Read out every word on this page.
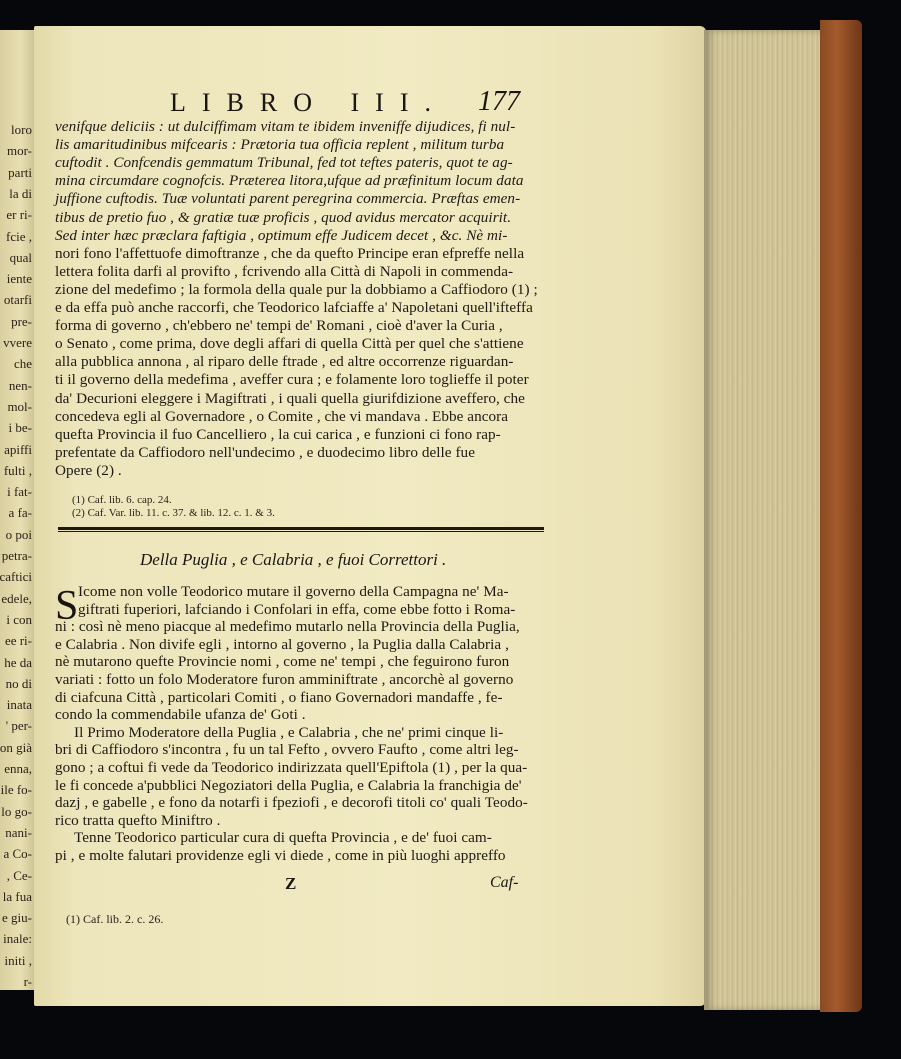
loro
mor-
parti
la di
er ri-
fcie ,
qual
iente
otarfi
pre-
vvere
che
nen-
mol-
i be-
apiffi
fulti ,
i fat-
a fa-
o poi
petra-
caftici
edele,
i con
ee ri-
he da
no di
inata
' per-
on già
enna,
ile fo-
lo go-
nani-
a Co-
, Ce-
la fua
e giu-
inale:
initi ,
r-
LIBRO III. 177
venifque deliciis : ut dulciffimam vitam te ibidem inveniffe dijudices, fi nul-
lis amaritudinibus mifcearis : Prætoria tua officia replent , militum turba
cuftodit . Confcendis gemmatum Tribunal, fed tot teftes pateris, quot te ag-
mina circumdare cognofcis. Præterea litora,ufque ad præfinitum locum data
juffione cuftodis. Tuæ voluntati parent peregrina commercia. Præftas emen-
tibus de pretio fuo , & gratiæ tuæ proficis , quod avidus mercator acquirit.
Sed inter hæc præclara faftigia , optimum effe Judicem decet , &c. Nè mi-
nori fono l'affettuofe dimoftranze , che da quefto Principe eran efpreffe nella
lettera folita darfi al provifto , fcrivendo alla Città di Napoli in commenda-
zione del medefimo ; la formola della quale pur la dobbiamo a Caffiodoro (1) ;
e da effa può anche raccorfi, che Teodorico lafciaffe a' Napoletani quell'ifteffa
forma di governo , ch'ebbero ne' tempi de' Romani , cioè d'aver la Curia ,
o Senato , come prima, dove degli affari di quella Città per quel che s'attiene
alla pubblica annona , al riparo delle ftrade , ed altre occorrenze riguardan-
ti il governo della medefima , aveffer cura ; e folamente loro toglieffe il poter
da' Decurioni eleggere i Magiftrati , i quali quella giurifdizione aveffero, che
concedeva egli al Governadore , o Comite , che vi mandava . Ebbe ancora
quefta Provincia il fuo Cancelliero , la cui carica , e funzioni ci fono rap-
prefentate da Caffiodoro nell'undecimo , e duodecimo libro delle fue
Opere (2) .
(1) Caf. lib. 6. cap. 24.
(2) Caf. Var. lib. 11. c. 37. & lib. 12. c. 1. & 3.
Della Puglia , e Calabria , e fuoi Correttori .
S Icome non volle Teodorico mutare il governo della Campagna ne' Ma-
giftrati fuperiori, lafciando i Confolari in effa, come ebbe fotto i Roma-
ni : così nè meno piacque al medefimo mutarlo nella Provincia della Puglia,
e Calabria . Non divife egli , intorno al governo , la Puglia dalla Calabria ,
nè mutarono quefte Provincie nomi , come ne' tempi , che feguirono furon
variati : fotto un folo Moderatore furon amminiftrate , ancorchè al governo
di ciafcuna Città , particolari Comiti , o fiano Governadori mandaffe , fe-
condo la commendabile ufanza de' Goti .
Il Primo Moderatore della Puglia , e Calabria , che ne' primi cinque li-
bri di Caffiodoro s'incontra , fu un tal Fefto , ovvero Faufto , come altri leg-
gono ; a coftui fi vede da Teodorico indirizzata quell'Epiftola (1) , per la qua-
le fi concede a'pubblici Negoziatori della Puglia, e Calabria la franchigia de'
dazj , e gabelle , e fono da notarfi i fpeziofi , e decorofi titoli co' quali Teodo-
rico tratta quefto Miniftro .
Tenne Teodorico particular cura di quefta Provincia , e de' fuoi cam-
pi , e molte falutari providenze egli vi diede , come in più luoghi appreffo
Z	Caf-
(1) Caf. lib. 2. c. 26.
